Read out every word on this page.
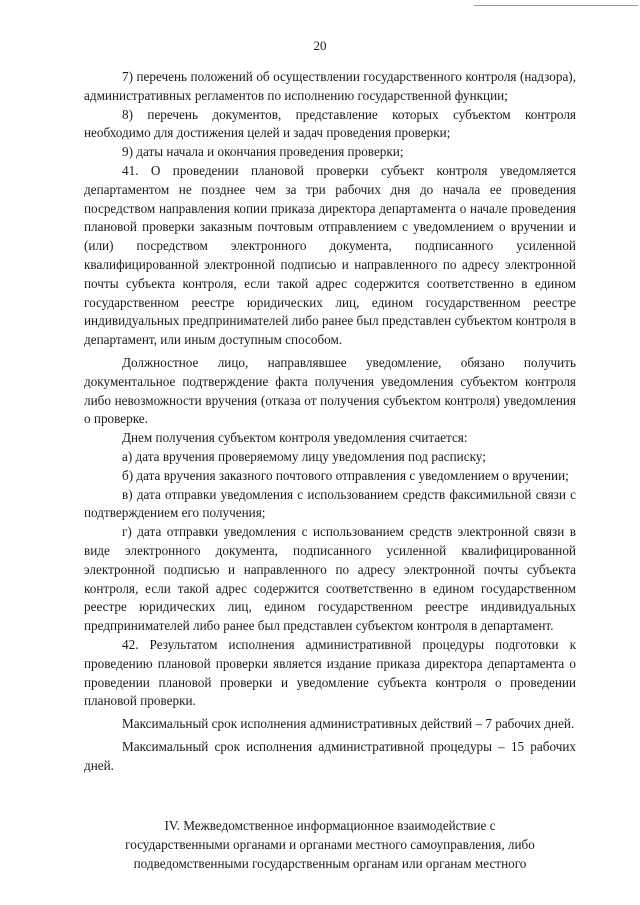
20

7) перечень положений об осуществлении государственного контроля (надзора), административных регламентов по исполнению государственной функции;

8) перечень документов, представление которых субъектом контроля необходимо для достижения целей и задач проведения проверки;

9) даты начала и окончания проведения проверки;

41. О проведении плановой проверки субъект контроля уведомляется департаментом не позднее чем за три рабочих дня до начала ее проведения посредством направления копии приказа директора департамента о начале проведения плановой проверки заказным почтовым отправлением с уведомлением о вручении и (или) посредством электронного документа, подписанного усиленной квалифицированной электронной подписью и направленного по адресу электронной почты субъекта контроля, если такой адрес содержится соответственно в едином государственном реестре юридических лиц, едином государственном реестре индивидуальных предпринимателей либо ранее был представлен субъектом контроля в департамент, или иным доступным способом.

Должностное лицо, направлявшее уведомление, обязано получить документальное подтверждение факта получения уведомления субъектом контроля либо невозможности вручения (отказа от получения субъектом контроля) уведомления о проверке.

Днем получения субъектом контроля уведомления считается:

а) дата вручения проверяемому лицу уведомления под расписку;

б) дата вручения заказного почтового отправления с уведомлением о вручении;

в) дата отправки уведомления с использованием средств факсимильной связи с подтверждением его получения;

г) дата отправки уведомления с использованием средств электронной связи в виде электронного документа, подписанного усиленной квалифицированной электронной подписью и направленного по адресу электронной почты субъекта контроля, если такой адрес содержится соответственно в едином государственном реестре юридических лиц, едином государственном реестре индивидуальных предпринимателей либо ранее был представлен субъектом контроля в департамент.

42. Результатом исполнения административной процедуры подготовки к проведению плановой проверки является издание приказа директора департамента о проведении плановой проверки и уведомление субъекта контроля о проведении плановой проверки.

Максимальный срок исполнения административных действий – 7 рабочих дней.

Максимальный срок исполнения административной процедуры – 15 рабочих дней.

IV. Межведомственное информационное взаимодействие с
государственными органами и органами местного самоуправления, либо
подведомственными государственным органам или органам местного
